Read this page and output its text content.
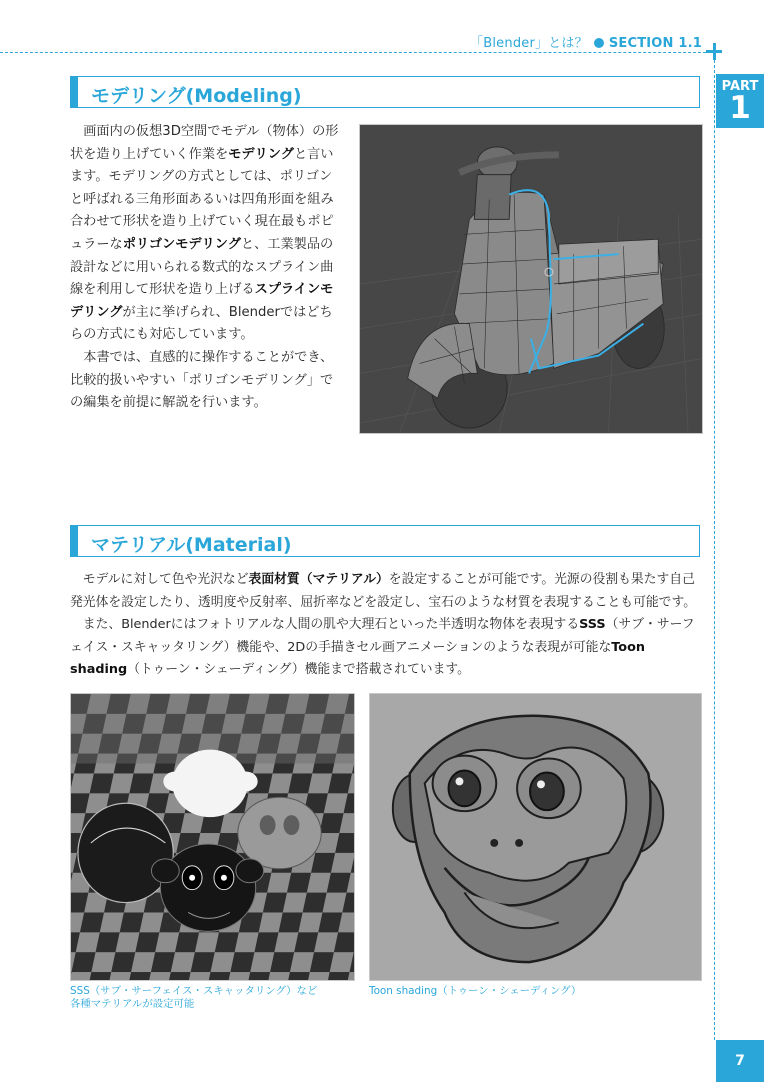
「Blender」とは？ SECTION 1.1
PART
1
7
モデリング(Modeling)

画面内の仮想3D空間でモデル（物体）の形状を造り上げていく作業をモデリングと言います。モデリングの方式としては、ポリゴンと呼ばれる三角形面あるいは四角形面を組み合わせて形状を造り上げていく現在最もポピュラーなポリゴンモデリングと、工業製品の設計などに用いられる数式的なスプライン曲線を利用して形状を造り上げるスプラインモデリングが主に挙げられ、Blenderではどちらの方式にも対応しています。

本書では、直感的に操作することができ、比較的扱いやすい「ポリゴンモデリング」での編集を前提に解説を行います。

マテリアル(Material)

モデルに対して色や光沢など表面材質（マテリアル）を設定することが可能です。光源の役割も果たす自己発光体を設定したり、透明度や反射率、屈折率などを設定し、宝石のような材質を表現することも可能です。

また、Blenderにはフォトリアルな人間の肌や大理石といった半透明な物体を表現するSSS（サブ・サーフェイス・スキャッタリング）機能や、2Dの手描きセル画アニメーションのような表現が可能なToon shading（トゥーン・シェーディング）機能まで搭載されています。

SSS（サブ・サーフェイス・スキャッタリング）など
各種マテリアルが設定可能
Toon shading（トゥーン・シェーディング）
